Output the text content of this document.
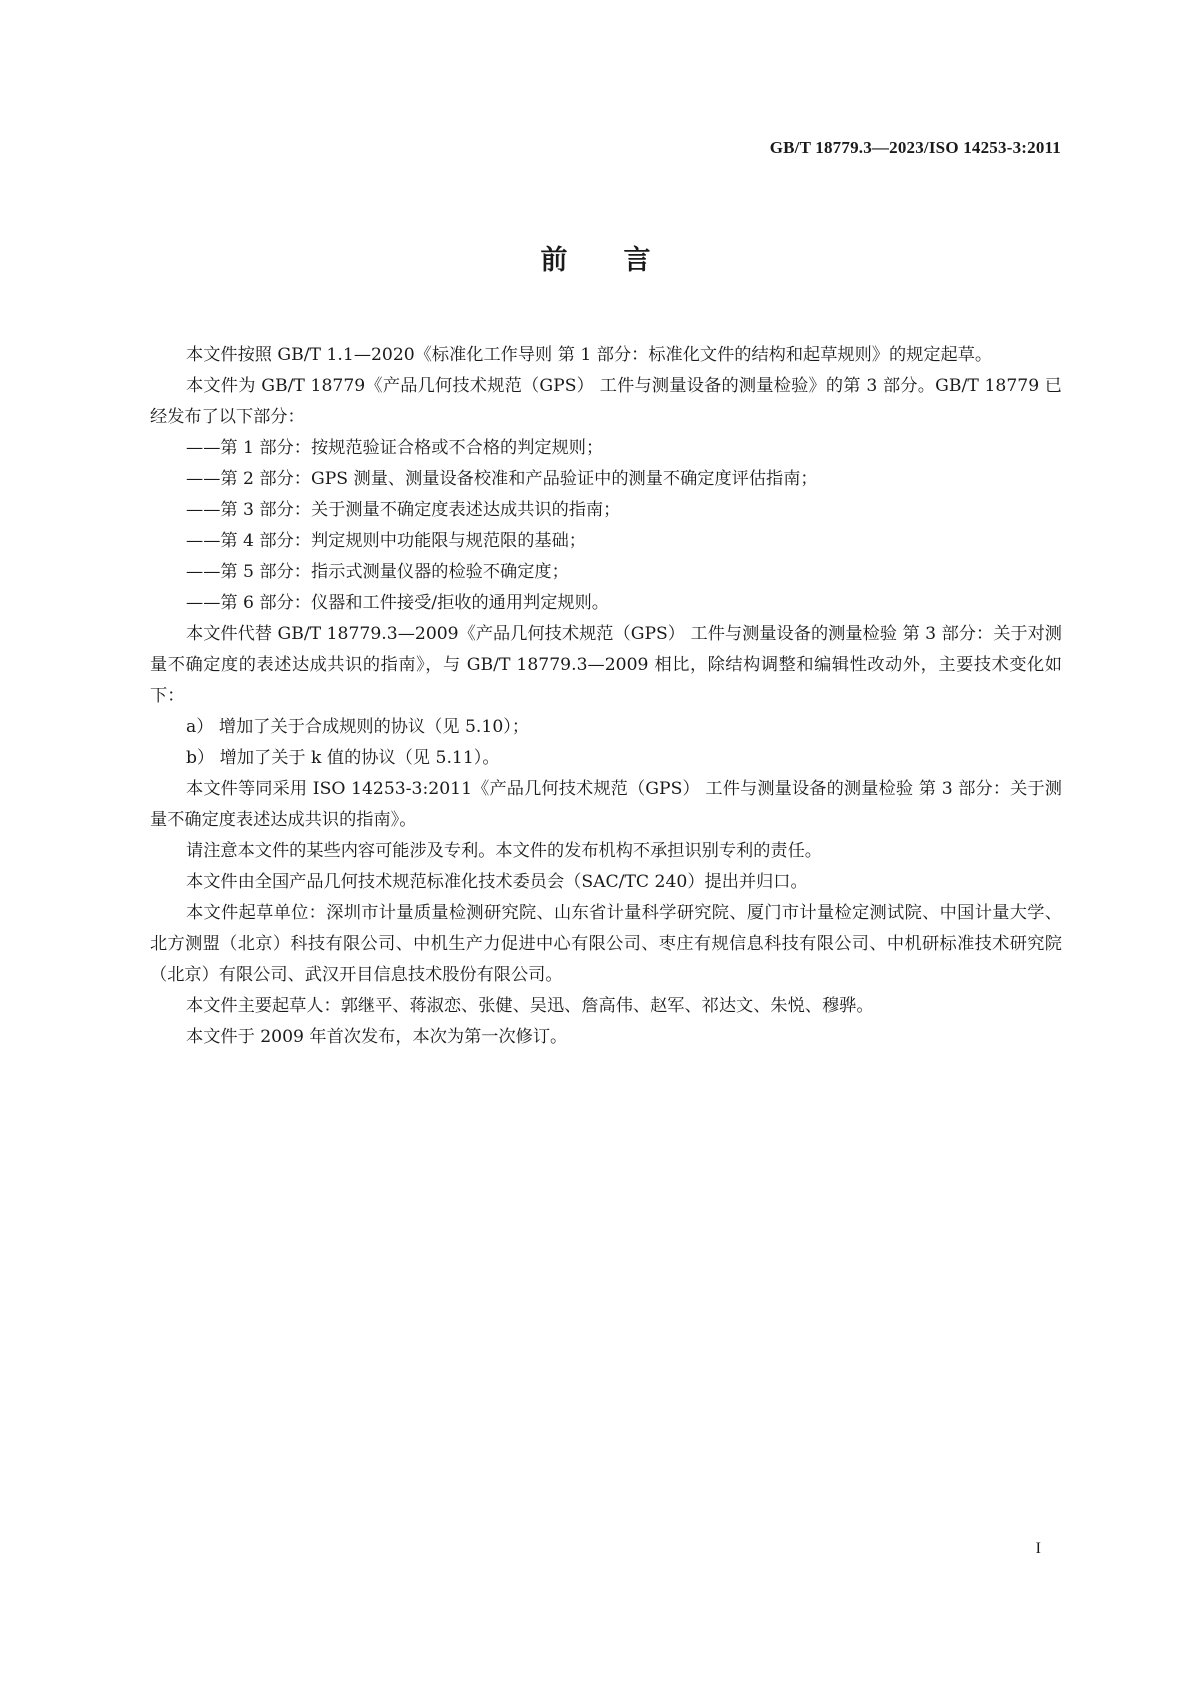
GB/T 18779.3—2023/ISO 14253-3:2011
前言

本文件按照 GB/T 1.1—2020《标准化工作导则 第 1 部分：标准化文件的结构和起草规则》的规定起草。

本文件为 GB/T 18779《产品几何技术规范（GPS） 工件与测量设备的测量检验》的第 3 部分。GB/T 18779 已经发布了以下部分：

——第 1 部分：按规范验证合格或不合格的判定规则；

——第 2 部分：GPS 测量、测量设备校准和产品验证中的测量不确定度评估指南；

——第 3 部分：关于测量不确定度表述达成共识的指南；

——第 4 部分：判定规则中功能限与规范限的基础；

——第 5 部分：指示式测量仪器的检验不确定度；

——第 6 部分：仪器和工件接受/拒收的通用判定规则。

本文件代替 GB/T 18779.3—2009《产品几何技术规范（GPS） 工件与测量设备的测量检验 第 3 部分：关于对测量不确定度的表述达成共识的指南》，与 GB/T 18779.3—2009 相比，除结构调整和编辑性改动外，主要技术变化如下：

a） 增加了关于合成规则的协议（见 5.10）；

b） 增加了关于 k 值的协议（见 5.11）。

本文件等同采用 ISO 14253-3:2011《产品几何技术规范（GPS） 工件与测量设备的测量检验 第 3 部分：关于测量不确定度表述达成共识的指南》。

请注意本文件的某些内容可能涉及专利。本文件的发布机构不承担识别专利的责任。

本文件由全国产品几何技术规范标准化技术委员会（SAC/TC 240）提出并归口。

本文件起草单位：深圳市计量质量检测研究院、山东省计量科学研究院、厦门市计量检定测试院、中国计量大学、北方测盟（北京）科技有限公司、中机生产力促进中心有限公司、枣庄有规信息科技有限公司、中机研标准技术研究院（北京）有限公司、武汉开目信息技术股份有限公司。

本文件主要起草人：郭继平、蒋淑恋、张健、吴迅、詹高伟、赵军、祁达文、朱悦、穆骅。

本文件于 2009 年首次发布，本次为第一次修订。

I
